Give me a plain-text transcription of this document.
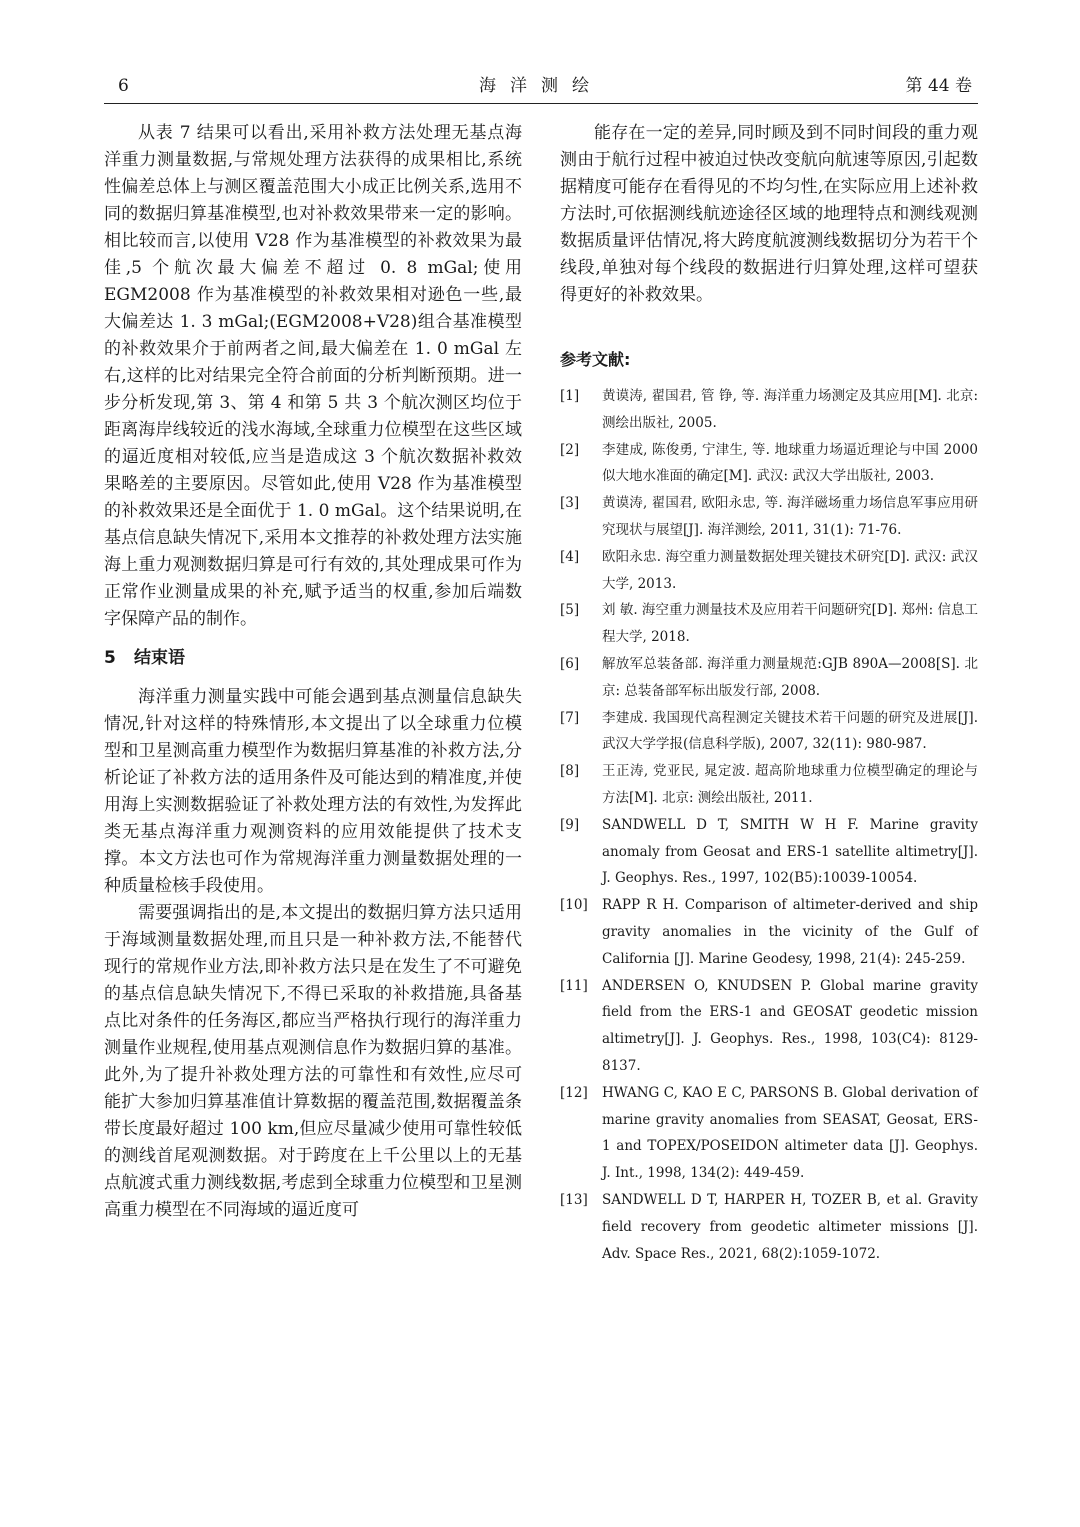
6	海洋测绘	第 44 卷

从表 7 结果可以看出,采用补救方法处理无基点海洋重力测量数据,与常规处理方法获得的成果相比,系统性偏差总体上与测区覆盖范围大小成正比例关系,选用不同的数据归算基准模型,也对补救效果带来一定的影响。相比较而言,以使用 V28 作为基准模型的补救效果为最佳,5 个航次最大偏差不超过 0. 8 mGal;使用 EGM2008 作为基准模型的补救效果相对逊色一些,最大偏差达 1. 3 mGal;(EGM2008+V28)组合基准模型的补救效果介于前两者之间,最大偏差在 1. 0 mGal 左右,这样的比对结果完全符合前面的分析判断预期。进一步分析发现,第 3、第 4 和第 5 共 3 个航次测区均位于距离海岸线较近的浅水海域,全球重力位模型在这些区域的逼近度相对较低,应当是造成这 3 个航次数据补救效果略差的主要原因。尽管如此,使用 V28 作为基准模型的补救效果还是全面优于 1. 0 mGal。这个结果说明,在基点信息缺失情况下,采用本文推荐的补救处理方法实施海上重力观测数据归算是可行有效的,其处理成果可作为正常作业测量成果的补充,赋予适当的权重,参加后端数字保障产品的制作。

5 结束语

海洋重力测量实践中可能会遇到基点测量信息缺失情况,针对这样的特殊情形,本文提出了以全球重力位模型和卫星测高重力模型作为数据归算基准的补救方法,分析论证了补救方法的适用条件及可能达到的精准度,并使用海上实测数据验证了补救处理方法的有效性,为发挥此类无基点海洋重力观测资料的应用效能提供了技术支撑。本文方法也可作为常规海洋重力测量数据处理的一种质量检核手段使用。

需要强调指出的是,本文提出的数据归算方法只适用于海域测量数据处理,而且只是一种补救方法,不能替代现行的常规作业方法,即补救方法只是在发生了不可避免的基点信息缺失情况下,不得已采取的补救措施,具备基点比对条件的任务海区,都应当严格执行现行的海洋重力测量作业规程,使用基点观测信息作为数据归算的基准。此外,为了提升补救处理方法的可靠性和有效性,应尽可能扩大参加归算基准值计算数据的覆盖范围,数据覆盖条带长度最好超过 100 km,但应尽量减少使用可靠性较低的测线首尾观测数据。对于跨度在上千公里以上的无基点航渡式重力测线数据,考虑到全球重力位模型和卫星测高重力模型在不同海域的逼近度可

能存在一定的差异,同时顾及到不同时间段的重力观测由于航行过程中被迫过快改变航向航速等原因,引起数据精度可能存在看得见的不均匀性,在实际应用上述补救方法时,可依据测线航迹途径区域的地理特点和测线观测数据质量评估情况,将大跨度航渡测线数据切分为若干个线段,单独对每个线段的数据进行归算处理,这样可望获得更好的补救效果。

参考文献:
[1]	黄谟涛, 翟国君, 管 铮, 等. 海洋重力场测定及其应用[M]. 北京:测绘出版社, 2005.
[2]	李建成, 陈俊勇, 宁津生, 等. 地球重力场逼近理论与中国 2000 似大地水准面的确定[M]. 武汉: 武汉大学出版社, 2003.
[3]	黄谟涛, 翟国君, 欧阳永忠, 等. 海洋磁场重力场信息军事应用研究现状与展望[J]. 海洋测绘, 2011, 31(1): 71-76.
[4]	欧阳永忠. 海空重力测量数据处理关键技术研究[D]. 武汉: 武汉大学, 2013.
[5]	刘 敏. 海空重力测量技术及应用若干问题研究[D]. 郑州: 信息工程大学, 2018.
[6]	解放军总装备部. 海洋重力测量规范:GJB 890A—2008[S]. 北京: 总装备部军标出版发行部, 2008.
[7]	李建成. 我国现代高程测定关键技术若干问题的研究及进展[J]. 武汉大学学报(信息科学版), 2007, 32(11): 980-987.
[8]	王正涛, 党亚民, 晁定波. 超高阶地球重力位模型确定的理论与方法[M]. 北京: 测绘出版社, 2011.
[9]	SANDWELL D T, SMITH W H F. Marine gravity anomaly from Geosat and ERS-1 satellite altimetry[J]. J. Geophys. Res., 1997, 102(B5):10039-10054.
[10]	RAPP R H. Comparison of altimeter-derived and ship gravity anomalies in the vicinity of the Gulf of California [J]. Marine Geodesy, 1998, 21(4): 245-259.
[11]	ANDERSEN O, KNUDSEN P. Global marine gravity field from the ERS-1 and GEOSAT geodetic mission altimetry[J]. J. Geophys. Res., 1998, 103(C4): 8129-8137.
[12]	HWANG C, KAO E C, PARSONS B. Global derivation of marine gravity anomalies from SEASAT, Geosat, ERS-1 and TOPEX/POSEIDON altimeter data [J]. Geophys. J. Int., 1998, 134(2): 449-459.
[13]	SANDWELL D T, HARPER H, TOZER B, et al. Gravity field recovery from geodetic altimeter missions [J]. Adv. Space Res., 2021, 68(2):1059-1072.
